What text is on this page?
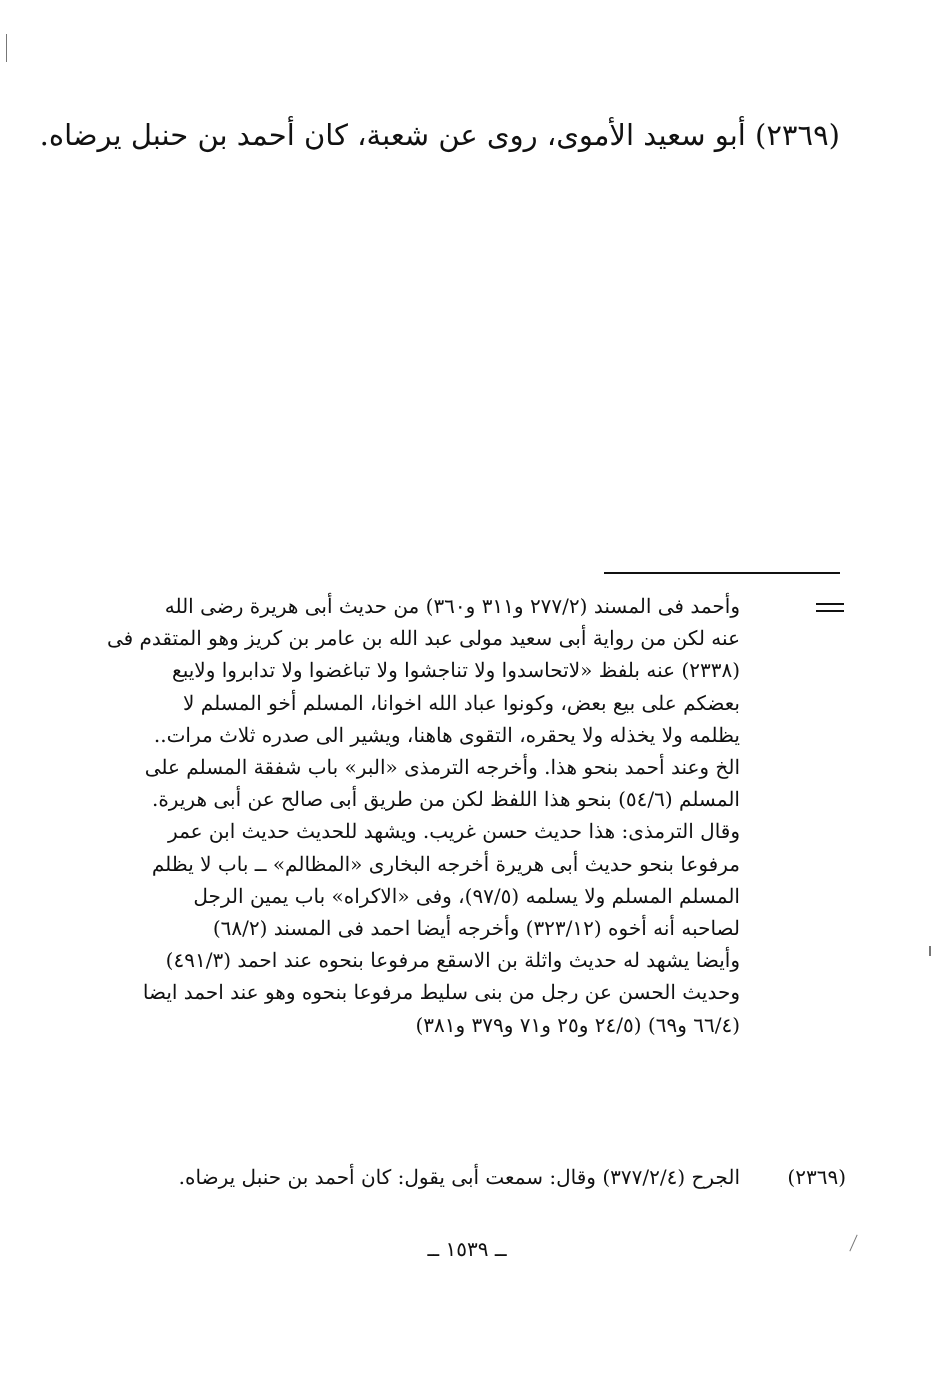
(٢٣٦٩) أبو سعيد الأموى، روى عن شعبة، كان أحمد بن حنبل يرضاه.
وأحمد فى المسند (٢٧٧/٢ و٣١١ و٣٦٠) من حديث أبى هريرة رضى الله
عنه لكن من رواية أبى سعيد مولى عبد الله بن عامر بن كريز وهو المتقدم فى
(٢٣٣٨) عنه بلفظ «لاتحاسدوا ولا تناجشوا ولا تباغضوا ولا تدابروا ولايبع
بعضكم على بيع بعض، وكونوا عباد الله اخوانا، المسلم أخو المسلم لا
يظلمه ولا يخذله ولا يحقره، التقوى هاهنا، ويشير الى صدره ثلاث مرات..
الخ وعند أحمد بنحو هذا. وأخرجه الترمذى «البر» باب شفقة المسلم على
المسلم (٥٤/٦) بنحو هذا اللفظ لكن من طريق أبى صالح عن أبى هريرة.
وقال الترمذى: هذا حديث حسن غريب. ويشهد للحديث حديث ابن عمر
مرفوعا بنحو حديث أبى هريرة أخرجه البخارى «المظالم» ــ باب لا يظلم
المسلم المسلم ولا يسلمه (٩٧/٥)، وفى «الاكراه» باب يمين الرجل
لصاحبه أنه أخوه (٣٢٣/١٢) وأخرجه أيضا احمد فى المسند (٦٨/٢)
وأيضا يشهد له حديث واثلة بن الاسقع مرفوعا بنحوه عند احمد (٤٩١/٣)
وحديث الحسن عن رجل من بنى سليط مرفوعا بنحوه وهو عند احمد ايضا
(٦٦/٤ و٦٩) (٢٤/٥ و٢٥ و٧١ و٣٧٩ و٣٨١)
(٢٣٦٩)
الجرح (٣٧٧/٢/٤) وقال: سمعت أبى يقول: كان أحمد بن حنبل يرضاه.
ــ ١٥٣٩ ــ
